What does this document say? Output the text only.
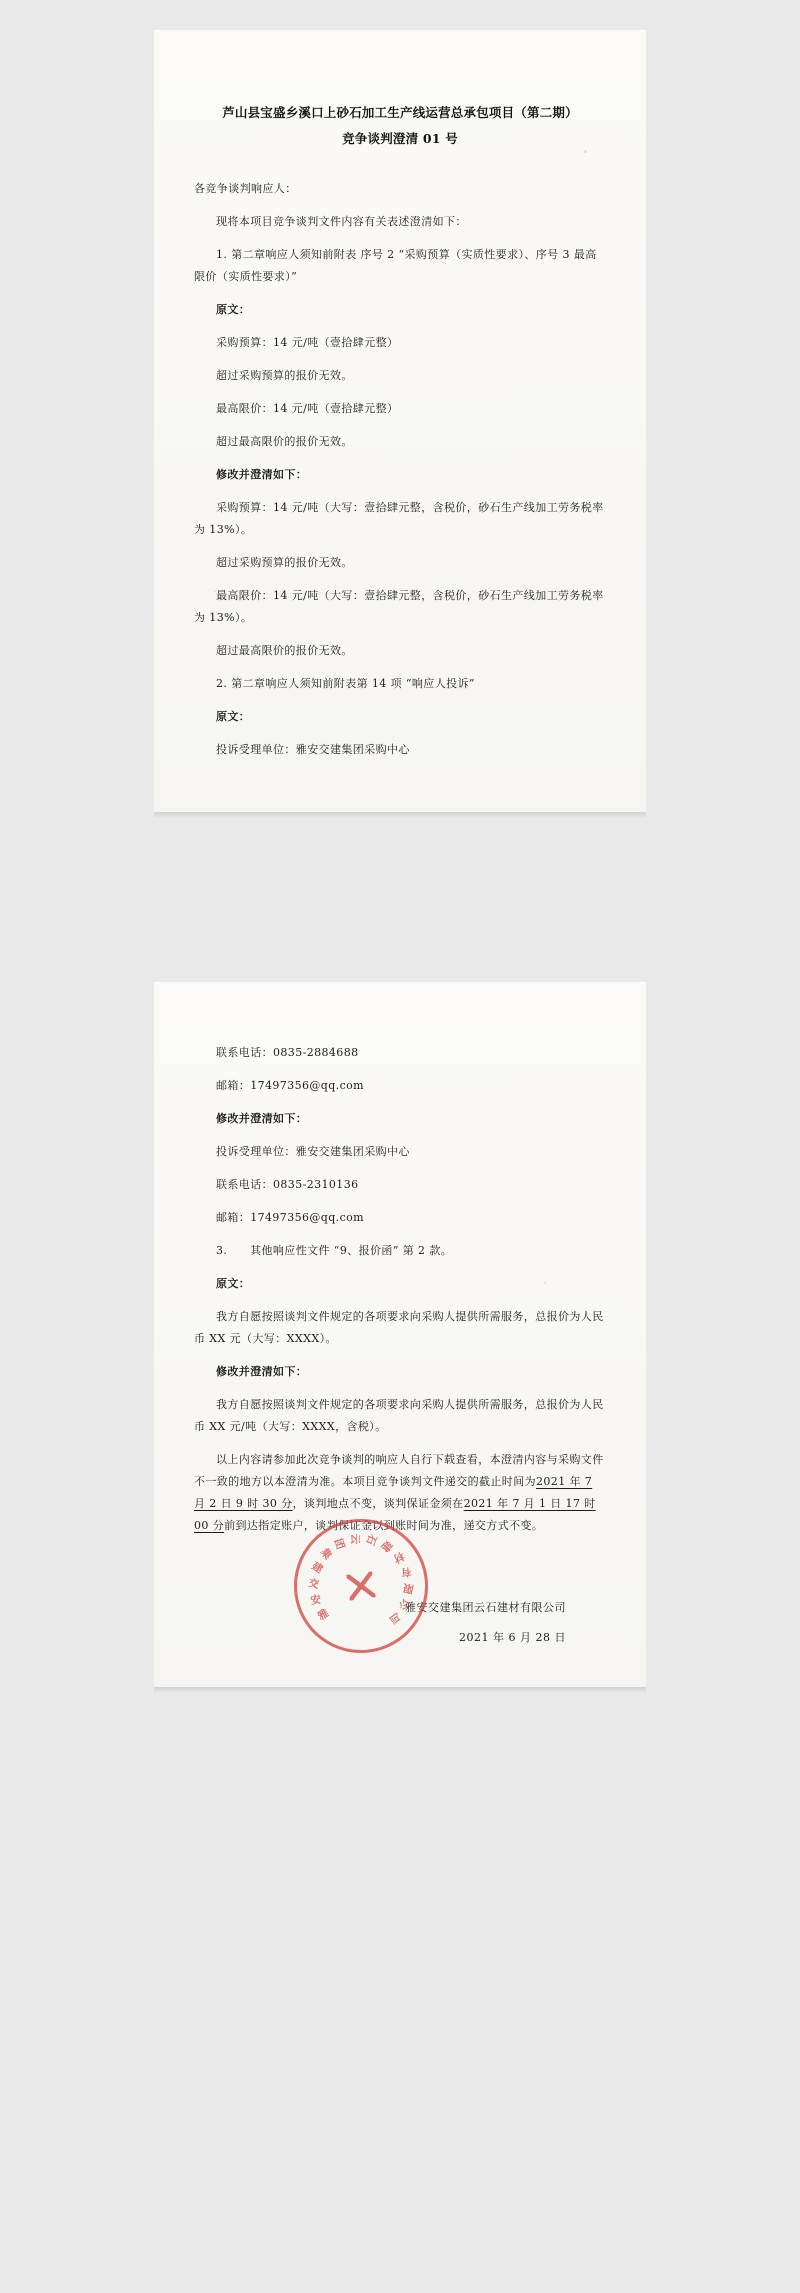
芦山县宝盛乡溪口上砂石加工生产线运营总承包项目（第二期）
竞争谈判澄清 01 号

各竞争谈判响应人：

现将本项目竞争谈判文件内容有关表述澄清如下：

1. 第二章响应人须知前附表 序号 2 “采购预算（实质性要求）、序号 3 最高限价（实质性要求）”

原文：

采购预算：14 元/吨（壹拾肆元整）

超过采购预算的报价无效。

最高限价：14 元/吨（壹拾肆元整）

超过最高限价的报价无效。

修改并澄清如下：

采购预算：14 元/吨（大写：壹拾肆元整，含税价，砂石生产线加工劳务税率为 13%）。

超过采购预算的报价无效。

最高限价：14 元/吨（大写：壹拾肆元整，含税价，砂石生产线加工劳务税率为 13%）。

超过最高限价的报价无效。

2. 第二章响应人须知前附表第 14 项 “响应人投诉”

原文：

投诉受理单位：雅安交建集团采购中心

联系电话：0835-2884688

邮箱：17497356@qq.com

修改并澄清如下：

投诉受理单位：雅安交建集团采购中心

联系电话：0835-2310136

邮箱：17497356@qq.com

3.　　其他响应性文件 “9、报价函” 第 2 款。

原文：

我方自愿按照谈判文件规定的各项要求向采购人提供所需服务，总报价为人民币 XX 元（大写：XXXX）。

修改并澄清如下：

我方自愿按照谈判文件规定的各项要求向采购人提供所需服务，总报价为人民币 XX 元/吨（大写：XXXX，含税）。

以上内容请参加此次竞争谈判的响应人自行下载查看，本澄清内容与采购文件不一致的地方以本澄清为准。本项目竞争谈判文件递交的截止时间为2021 年 7 月 2 日 9 时 30 分，谈判地点不变，谈判保证金须在2021 年 7 月 1 日 17 时 00 分前到达指定账户，谈判保证金以到账时间为准，递交方式不变。

雅
安
交
建
集
团 云 石
建
材
有
限
公
司

雅安交建集团云石建材有限公司

2021 年 6 月 28 日
